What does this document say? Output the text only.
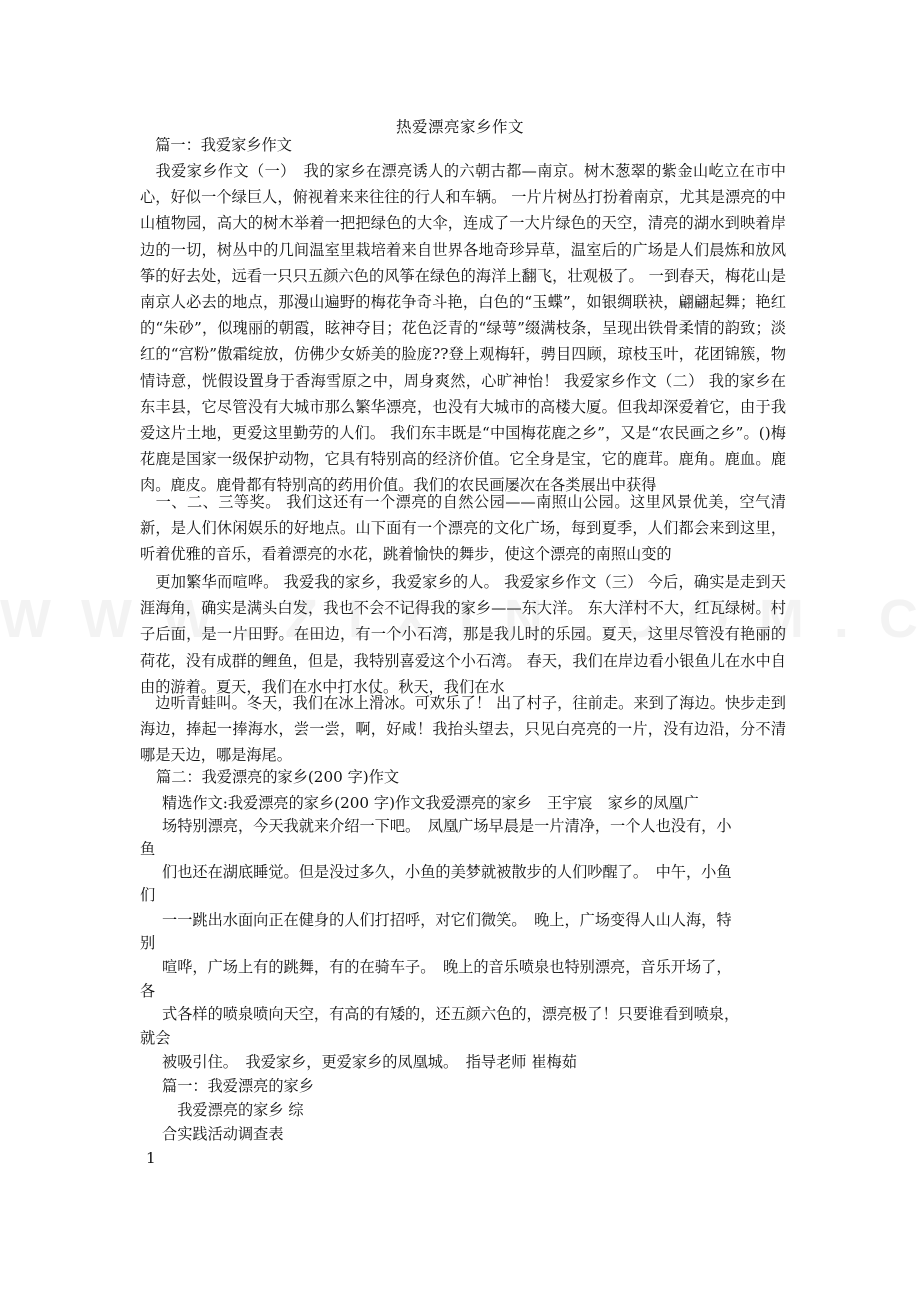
热爱漂亮家乡作文
　篇一：我爱家乡作文
　我爱家乡作文（一）　我的家乡在漂亮诱人的六朝古都—南京。树木葱翠的紫金山屹立在市中心，好似一个绿巨人，俯视着来来往往的行人和车辆。 一片片树丛打扮着南京，尤其是漂亮的中山植物园，高大的树木举着一把把绿色的大伞，连成了一大片绿色的天空，清亮的湖水到映着岸边的一切，树丛中的几间温室里栽培着来自世界各地奇珍异草，温室后的广场是人们晨炼和放风筝的好去处，远看一只只五颜六色的风筝在绿色的海洋上翻飞，壮观极了。 一到春天，梅花山是南京人必去的地点，那漫山遍野的梅花争奇斗艳，白色的“玉蝶”，如银绸联袂，翩翩起舞；艳红的“朱砂”，似瑰丽的朝霞，眩神夺目；花色泛青的“绿萼”缀满枝条，呈现出铁骨柔情的韵致；淡红的“宫粉”傲霜绽放，仿佛少女娇美的脸庞??登上观梅轩，骋目四顾，琼枝玉叶，花团锦簇，物情诗意，恍假设置身于香海雪原之中，周身爽然，心旷神怡！ 我爱家乡作文（二） 我的家乡在东丰县，它尽管没有大城市那么繁华漂亮，也没有大城市的高楼大厦。但我却深爱着它，由于我爱这片土地，更爱这里勤劳的人们。 我们东丰既是“中国梅花鹿之乡”，又是“农民画之乡”。()梅花鹿是国家一级保护动物，它具有特别高的经济价值。它全身是宝，它的鹿茸。鹿角。鹿血。鹿肉。鹿皮。鹿骨都有特别高的药用价值。我们的农民画屡次在各类展出中获得
　一、二、三等奖。 我们这还有一个漂亮的自然公园——南照山公园。这里风景优美，空气清新，是人们休闲娱乐的好地点。山下面有一个漂亮的文化广场，每到夏季，人们都会来到这里，听着优雅的音乐，看着漂亮的水花，跳着愉快的舞步，使这个漂亮的南照山变的
　更加繁华而喧哗。 我爱我的家乡，我爱家乡的人。 我爱家乡作文（三） 今后，确实是走到天涯海角，确实是满头白发，我也不会不记得我的家乡——东大洋。 东大洋村不大，红瓦绿树。村子后面，是一片田野。在田边，有一个小石湾，那是我儿时的乐园。夏天，这里尽管没有艳丽的荷花，没有成群的鲤鱼，但是，我特别喜爱这个小石湾。 春天，我们在岸边看小银鱼儿在水中自由的游着。夏天，我们在水中打水仗。秋天，我们在水
　边听青蛙叫。冬天，我们在冰上滑冰。可欢乐了！ 出了村子，往前走。来到了海边。快步走到海边，捧起一捧海水，尝一尝，啊，好咸！我抬头望去，只见白亮亮的一片，没有边沿，分不清哪是天边，哪是海尾。
篇二：我爱漂亮的家乡(200 字)作文
精选作文:我爱漂亮的家乡(200 字)作文我爱漂亮的家乡　王宇宸　家乡的凤凰广
场特别漂亮，今天我就来介绍一下吧。　凤凰广场早晨是一片清净，一个人也没有，小
鱼
们也还在湖底睡觉。但是没过多久，小鱼的美梦就被散步的人们吵醒了。　中午，小鱼
们
一一跳出水面向正在健身的人们打招呼，对它们微笑。　晚上，广场变得人山人海，特
别
喧哗，广场上有的跳舞，有的在骑车子。　晚上的音乐喷泉也特别漂亮，音乐开场了，
各
式各样的喷泉喷向天空，有高的有矮的，还五颜六色的，漂亮极了！只要谁看到喷泉，
就会
被吸引住。　我爱家乡，更爱家乡的凤凰城。　指导老师 崔梅茹
篇一：我爱漂亮的家乡
　我爱漂亮的家乡 综
合实践活动调查表
1
